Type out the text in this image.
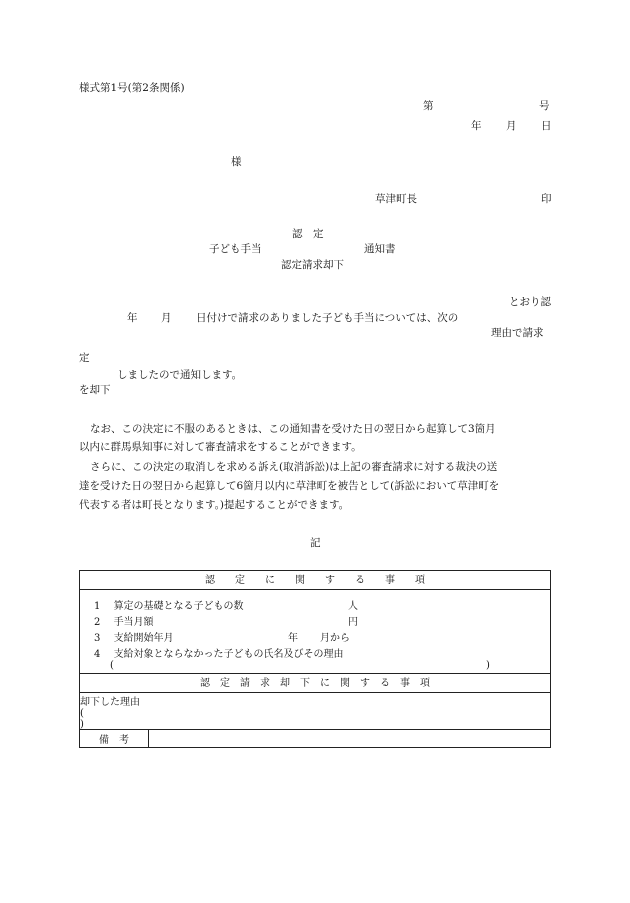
様式第1号(第2条関係)
第	号
年 月 日
様
草津町長	印
認　定
子ども手当	通知書
認定請求却下
とおり認
年 月 日付けで請求のありました子ども手当については、次の
理由で請求
定
しましたので通知します。
を却下
なお、この決定に不服のあるときは、この通知書を受けた日の翌日から起算して3箇月
以内に群馬県知事に対して審査請求をすることができます。
さらに、この決定の取消しを求める訴え(取消訴訟)は上記の審査請求に対する裁決の送
達を受けた日の翌日から起算して6箇月以内に草津町を被告として(訴訟において草津町を
代表する者は町長となります。)提起することができます。
記
認　　定　　に　　関　　す　　る　　事　　項

1　 算定の基礎となる子どもの数	人
2　 手当月額	円
3　 支給開始年月	年 月から
4　 支給対象とならなかった子どもの氏名及びその理由
(	)

認　定　請　求　却　下　に　関　す　る　事　項

却下した理由
(
)

備　考	
